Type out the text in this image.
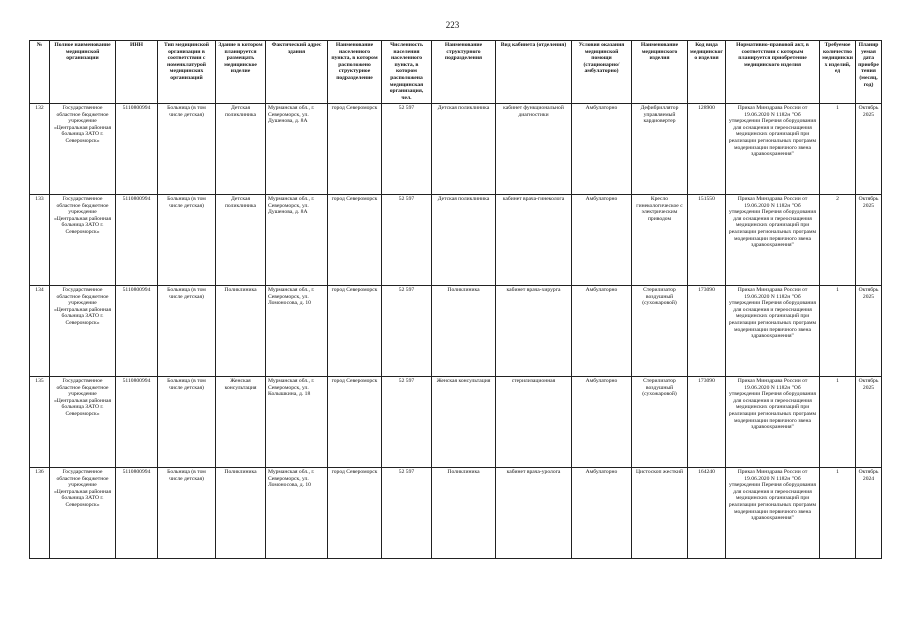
223
№	Полное наименование медицинской организации	ИНН	Тип медицинской организации в соответствии с номенклатурой медицинских организаций	Здание в котором планируется размещать медицинское изделие	Фактический адрес здания	Наименование населенного пункта, в котором расположено структурное подразделение	Численность населения населенного пункта, в котором расположена медицинская организация, чел.	Наименование структурного подразделения	Вид кабинета (отделения)	Условия оказания медицинской помощи (стационарно/амбулаторно)	Наименование медицинского изделия	Код вида медицинского изделия	Нормативно-правовой акт, в соответствии с которым планируется приобретение медицинского изделия	Требуемое количество медицинских изделий, ед	Планируемая дата приобретения (месяц, год)
132	Государственное областное бюджетное учреждение «Центральная районная больница ЗАТО г. Североморск»	5110800994	Больница (в том числе детская)	Детская поликлиника	Мурманская обл., г. Североморск, ул. Душенова, д. 8А	город Североморск	52 597	Детская поликлиника	кабинет функциональной диагностики	Амбулаторно	Дефибриллятор управляемый кардиовертер	128900	Приказ Минздрава России от 19.06.2020 N 1182н "Об утверждении Перечня оборудования для оснащения и переоснащения медицинских организаций при реализации региональных программ модернизации первичного звена здравоохранения"	1	Октябрь 2025
133	Государственное областное бюджетное учреждение «Центральная районная больница ЗАТО г. Североморск»	5110800994	Больница (в том числе детская)	Детская поликлиника	Мурманская обл., г. Североморск, ул. Душенова, д. 8А	город Североморск	52 597	Детская поликлиника	кабинет врача-гинеколога	Амбулаторно	Кресло гинекологическое с электрическим приводом	151550	Приказ Минздрава России от 19.06.2020 N 1182н "Об утверждении Перечня оборудования для оснащения и переоснащения медицинских организаций при реализации региональных программ модернизации первичного звена здравоохранения"	2	Октябрь 2025
134	Государственное областное бюджетное учреждение «Центральная районная больница ЗАТО г. Североморск»	5110800994	Больница (в том числе детская)	Поликлиника	Мурманская обл., г. Североморск, ул. Ломоносова, д. 10	город Североморск	52 597	Поликлиника	кабинет врача-хирурга	Амбулаторно	Стерилизатор воздушный (сухожаровой)	173090	Приказ Минздрава России от 19.06.2020 N 1182н "Об утверждении Перечня оборудования для оснащения и переоснащения медицинских организаций при реализации региональных программ модернизации первичного звена здравоохранения"	1	Октябрь 2025
135	Государственное областное бюджетное учреждение «Центральная районная больница ЗАТО г. Североморск»	5110800994	Больница (в том числе детская)	Женская консультация	Мурманская обл., г. Североморск, ул. Колышкина, д. 18	город Североморск	52 597	Женская консультация	стерилизационная	Амбулаторно	Стерилизатор воздушный (сухожаровой)	173090	Приказ Минздрава России от 19.06.2020 N 1182н "Об утверждении Перечня оборудования для оснащения и переоснащения медицинских организаций при реализации региональных программ модернизации первичного звена здравоохранения"	1	Октябрь 2025
136	Государственное областное бюджетное учреждение «Центральная районная больница ЗАТО г. Североморск»	5110800994	Больница (в том числе детская)	Поликлиника	Мурманская обл., г. Североморск, ул. Ломоносова, д. 10	город Североморск	52 597	Поликлиника	кабинет врача-уролога	Амбулаторно	Цистоскоп жесткий	164240	Приказ Минздрава России от 19.06.2020 N 1182н "Об утверждении Перечня оборудования для оснащения и переоснащения медицинских организаций при реализации региональных программ модернизации первичного звена здравоохранения"	1	Октябрь 2024
